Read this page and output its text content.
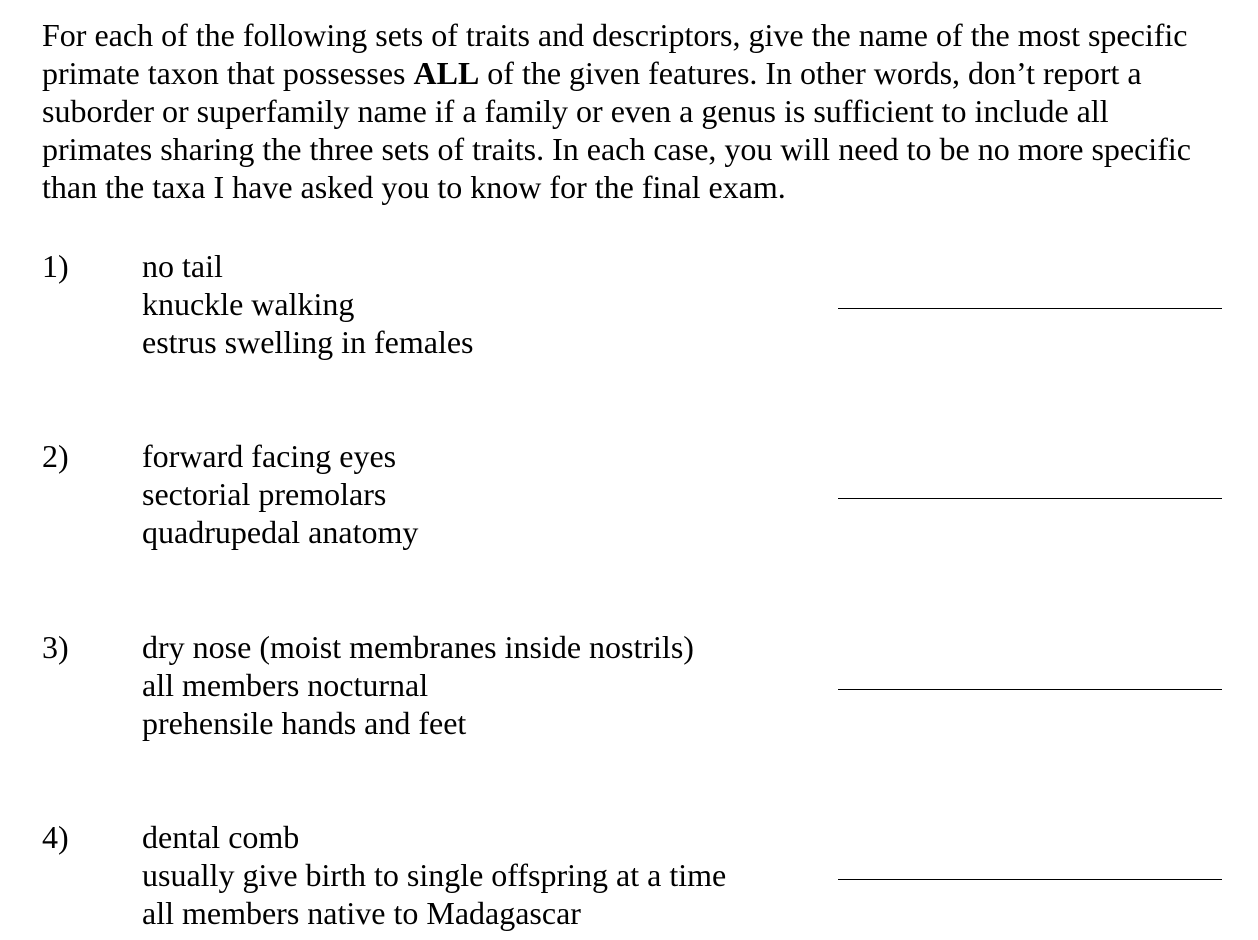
For each of the following sets of traits and descriptors, give the name of the most specific
primate taxon that possesses ALL of the given features. In other words, don’t report a
suborder or superfamily name if a family or even a genus is sufficient to include all
primates sharing the three sets of traits. In each case, you will need to be no more specific
than the taxa I have asked you to know for the final exam.
1) no tail
knuckle walking
estrus swelling in females
2) forward facing eyes
sectorial premolars
quadrupedal anatomy
3) dry nose (moist membranes inside nostrils)
all members nocturnal
prehensile hands and feet
4) dental comb
usually give birth to single offspring at a time
all members native to Madagascar
